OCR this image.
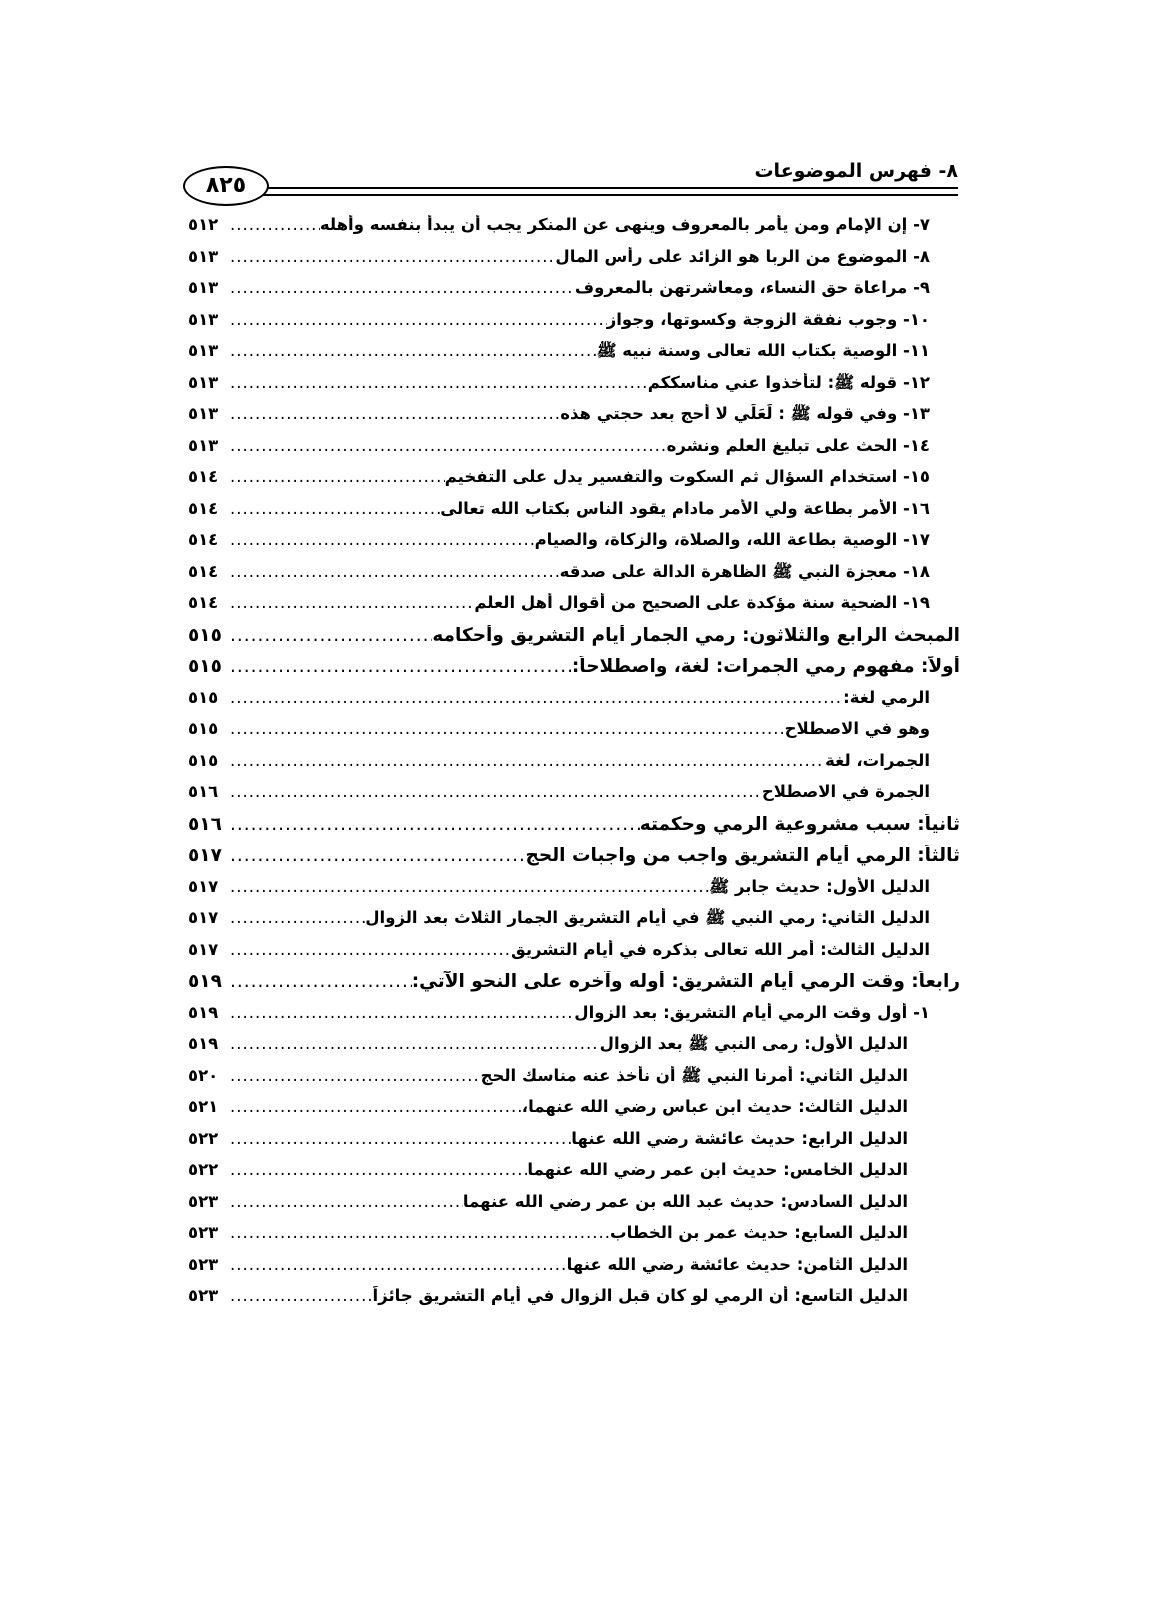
٨- فهرس الموضوعات
٨٢٥
٧- إن الإمام ومن يأمر بالمعروف وينهى عن المنكر يجب أن يبدأ بنفسه وأهله
.....
٥١٢
٨- الموضوع من الربا هو الزائد على رأس المال
.....
٥١٣
٩- مراعاة حق النساء، ومعاشرتهن بالمعروف
.....
٥١٣
١٠- وجوب نفقة الزوجة وكسوتها، وجواز
.....
٥١٣
١١- الوصية بكتاب الله تعالى وسنة نبيه ﷺ
.....
٥١٣
١٢- قوله ﷺ: لتأخذوا عني مناسككم
.....
٥١٣
١٣- وفي قوله ﷺ : لَعَلِّي لا أحج بعد حجتي هذه
.....
٥١٣
١٤- الحث على تبليغ العلم ونشره
.....
٥١٣
١٥- استخدام السؤال ثم السكوت والتفسير يدل على التفخيم
.....
٥١٤
١٦- الأمر بطاعة ولي الأمر مادام يقود الناس بكتاب الله تعالى
.....
٥١٤
١٧- الوصية بطاعة الله، والصلاة، والزكاة، والصيام
.....
٥١٤
١٨- معجزة النبي ﷺ الظاهرة الدالة على صدقه
.....
٥١٤
١٩- الضحية سنة مؤكدة على الصحيح من أقوال أهل العلم
.....
٥١٤
المبحث الرابع والثلاثون: رمي الجمار أيام التشريق وأحكامه
.....
٥١٥
أولاً: مفهوم رمي الجمرات: لغة، واصطلاحاً:
.....
٥١٥
الرمي لغة:
.....
٥١٥
وهو في الاصطلاح
.....
٥١٥
الجمرات، لغة
.....
٥١٥
الجمرة في الاصطلاح
.....
٥١٦
ثانياً: سبب مشروعية الرمي وحكمته
.....
٥١٦
ثالثاً: الرمي أيام التشريق واجب من واجبات الحج
.....
٥١٧
الدليل الأول: حديث جابر ﷺ
.....
٥١٧
الدليل الثاني: رمي النبي ﷺ في أيام التشريق الجمار الثلاث بعد الزوال
.....
٥١٧
الدليل الثالث: أمر الله تعالى بذكره في أيام التشريق
.....
٥١٧
رابعاً: وقت الرمي أيام التشريق: أوله وآخره على النحو الآتي:
.....
٥١٩
١- أول وقت الرمي أيام التشريق: بعد الزوال
.....
٥١٩
الدليل الأول: رمى النبي ﷺ بعد الزوال
.....
٥١٩
الدليل الثاني: أمرنا النبي ﷺ أن نأخذ عنه مناسك الحج
.....
٥٢٠
الدليل الثالث: حديث ابن عباس رضي الله عنهما،
.....
٥٢١
الدليل الرابع: حديث عائشة رضي الله عنها
.....
٥٢٢
الدليل الخامس: حديث ابن عمر رضي الله عنهما
.....
٥٢٢
الدليل السادس: حديث عبد الله بن عمر رضي الله عنهما
.....
٥٢٣
الدليل السابع: حديث عمر بن الخطاب
.....
٥٢٣
الدليل الثامن: حديث عائشة رضي الله عنها
.....
٥٢٣
الدليل التاسع: أن الرمي لو كان قبل الزوال في أيام التشريق جائزاً
.....
٥٢٣
